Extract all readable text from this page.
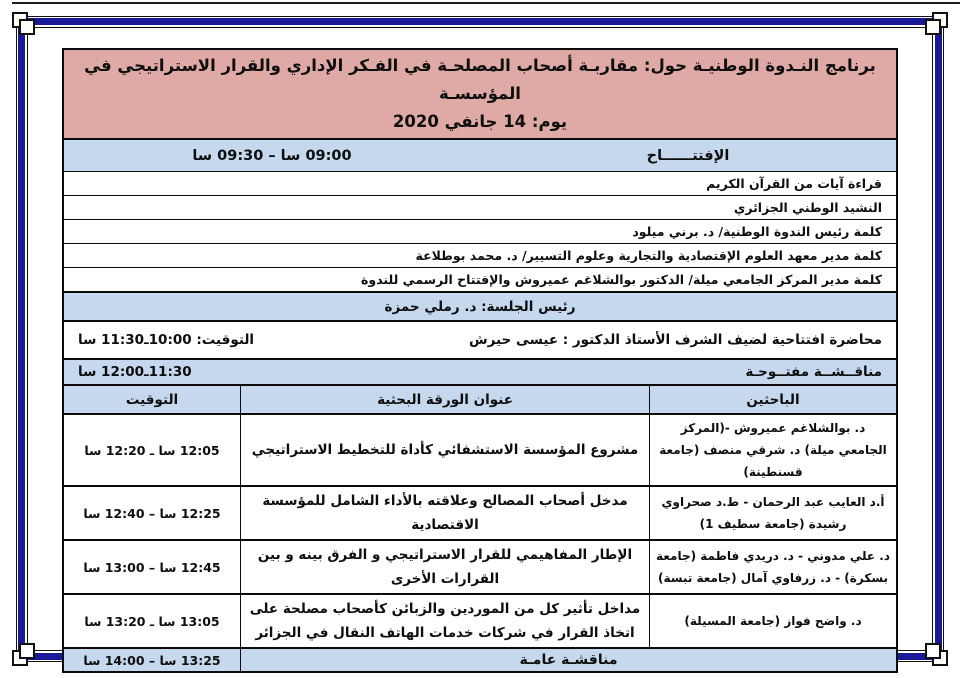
برنامج النـدوة الوطنيـة حول: مقاربـة أصحاب المصلحـة في الفـكر الإداري والقرار الاستراتيجي في المؤسسـة
يوم: 14 جانفي 2020
الإفتتــــــاح
09:00 سا – 09:30 سا
قراءة آيات من القرآن الكريم
النشيد الوطني الجزائري
كلمة رئيس الندوة الوطنية/ د. برني ميلود
كلمة مدير معهد العلوم الإقتصادية والتجارية وعلوم التسيير/ د. محمد بوطلاعة
كلمة مدير المركز الجامعي ميلة/ الدكتور بوالشلاغم عميروش والإفتتاح الرسمي للندوة
رئيس الجلسة: د. رملي حمزة
محاضرة افتتاحية لضيف الشرف الأستاذ الدكتور : عيسى حيرش
التوقيت: 10:00ـ11:30 سا
مناقــشــة مفتــوحـة
11:30ـ12:00 سا
الباحثين
عنوان الورقة البحثية
التوقيت
د. بوالشلاغم عميروش -(المركز الجامعي ميلة) د. شرقي منصف (جامعة قسنطينة)
مشروع المؤسسة الاستشفائي كأداة للتخطيط الاستراتيجي
12:05 سا ـ 12:20 سا
أ.د العايب عبد الرحمان - ط.د صحراوي رشيدة (جامعة سطيف 1)
مدخل أصحاب المصالح وعلاقته بالأداء الشامل للمؤسسة الاقتصادية
12:25 سا – 12:40 سا
د. علي مدوني - د. دريدي فاطمة (جامعة بسكرة) - د. زرفاوي آمال (جامعة تبسة)
الإطار المفاهيمي للقرار الاستراتيجي و الفرق بينه و بين القرارات الأخرى
12:45 سا – 13:00 سا
د. واضح فواز (جامعة المسيلة)
مداخل تأثير كل من الموردين والزبائن كأصحاب مصلحة على اتخاذ القرار في شركات خدمات الهاتف النقال في الجزائر
13:05 سا ـ 13:20 سا
مناقشـة عامـة
13:25 سا – 14:00 سا
